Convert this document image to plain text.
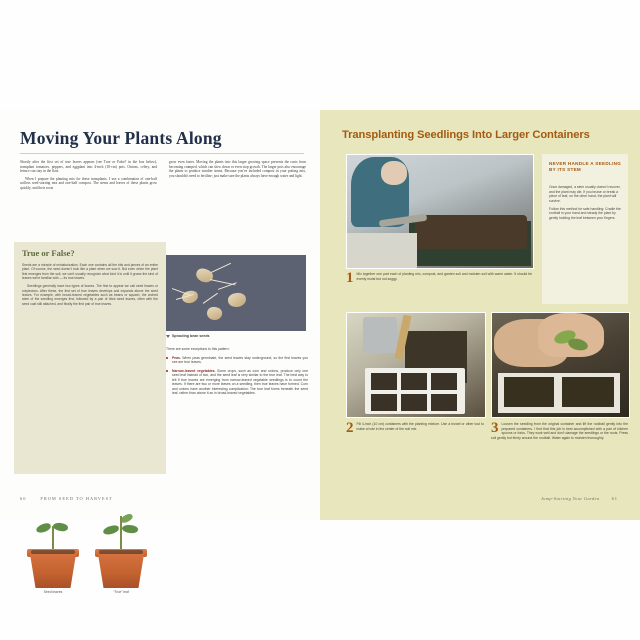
Moving Your Plants Along

Shortly after the first set of true leaves appears (see True or False? in the box below), transplant tomatoes, peppers, and eggplant into 4-inch (10-cm) pots. Onions, celery, and lettuce can stay in the flats.

When I prepare the planting mix for these transplants, I use a combination of one-half soilless seed-starting mix and one-half compost. The stems and leaves of these plants grow quickly, and their roots

grow even faster. Moving the plants into this larger growing space prevents the roots from becoming cramped, which can slow down or even stop growth. The larger pots also encourage the plants to produce sturdier stems. Because you've included compost in your potting mix, you shouldn't need to fertilize; just make sure the plants always have enough water and light.

True or False?

Seeds are a miracle of miniaturization. Each one contains all the bits and pieces of an entire plant. Of course, the seed doesn't look like a plant when we sow it. But even when the plant first emerges from the soil, we can't usually recognize what kind it is until it grows the kind of leaves we're familiar with — its true leaves.

Seedlings generally have two types of leaves. The first to appear we call seed leaves or cotyledons. After these, the first set of true leaves develops and expands above the seed leaves. For example, with broad-leaved vegetables such as beans or squash, the arched stem of the seedling emerges first, followed by a pair of thick seed leaves, often with the seed coat still attached, and finally the first pair of true leaves.

Seed leaves	“True” leaf
Sprouting bean seeds

There are some exceptions to this pattern:

Peas. When peas germinate, the seed leaves stay underground, so the first leaves you see are true leaves.

Narrow-leaved vegetables. Some crops, such as corn and onions, produce only one seed leaf instead of two, and the seed leaf is very similar to the true leaf. The best way to tell if true leaves are emerging from narrow-leaved vegetable seedlings is to count the leaves. If there are two or more leaves on a seedling, then true leaves have formed. Corn and onions have another interesting complication: The true leaf forms beneath the seed leaf, rather than above it as in broad-leaved vegetables.

60	FROM SEED TO HARVEST
Transplanting Seedlings Into Larger Containers
1 Mix together one part each of planting mix, compost, and garden soil and moisten soil with warm water. It should be evenly moist but not soggy.
NEVER HANDLE A SEEDLING BY ITS STEM

Once damaged, a stem usually doesn't recover, and the plant may die. If you bruise or break a piece of leaf, on the other hand, the plant will survive.

Follow this method for safe handling: Cradle the rootball in your hand and steady the plant by gently holding the leaf between your fingers.

2 Fill 4-inch (10 cm) containers with the planting mixture. Use a trowel or other tool to make a hole in the center of the soil mix.	3 Loosen the seedling from the original container and lift the rootball gently into the prepared containers. I find that this job is best accomplished with a pair of kitchen spoons or forks. They work well and don't damage the seedlings or the roots. Press soil gently but firmly around the rootball. Water again to moisten thoroughly.
Jump-Starting Your Garden	61
